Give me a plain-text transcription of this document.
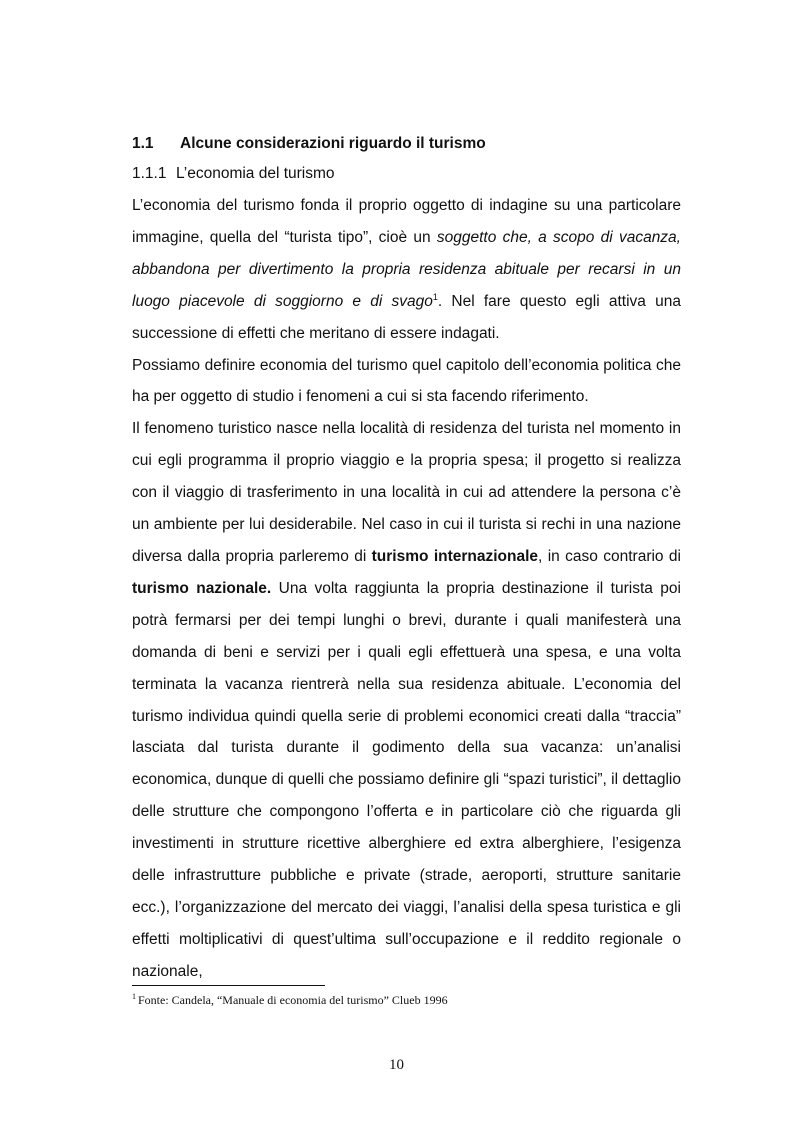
1.1 Alcune considerazioni riguardo il turismo
1.1.1 L’economia del turismo

L’economia del turismo fonda il proprio oggetto di indagine su una particolare immagine, quella del “turista tipo”, cioè un soggetto che, a scopo di vacanza, abbandona per divertimento la propria residenza abituale per recarsi in un luogo piacevole di soggiorno e di svago$^1$. Nel fare questo egli attiva una successione di effetti che meritano di essere indagati.

Possiamo definire economia del turismo quel capitolo dell’economia politica che ha per oggetto di studio i fenomeni a cui si sta facendo riferimento.

Il fenomeno turistico nasce nella località di residenza del turista nel momento in cui egli programma il proprio viaggio e la propria spesa; il progetto si realizza con il viaggio di trasferimento in una località in cui ad attendere la persona c’è un ambiente per lui desiderabile. Nel caso in cui il turista si rechi in una nazione diversa dalla propria parleremo di turismo internazionale, in caso contrario di turismo nazionale. Una volta raggiunta la propria destinazione il turista poi potrà fermarsi per dei tempi lunghi o brevi, durante i quali manifesterà una domanda di beni e servizi per i quali egli effettuerà una spesa, e una volta terminata la vacanza rientrerà nella sua residenza abituale. L’economia del turismo individua quindi quella serie di problemi economici creati dalla “traccia” lasciata dal turista durante il godimento della sua vacanza: un’analisi economica, dunque di quelli che possiamo definire gli “spazi turistici”, il dettaglio delle strutture che compongono l’offerta e in particolare ciò che riguarda gli investimenti in strutture ricettive alberghiere ed extra alberghiere, l’esigenza delle infrastrutture pubbliche e private (strade, aeroporti, strutture sanitarie ecc.), l’organizzazione del mercato dei viaggi, l’analisi della spesa turistica e gli effetti moltiplicativi di quest’ultima sull’occupazione e il reddito regionale o nazionale,

$^1$ Fonte: Candela, “Manuale di economia del turismo” Clueb 1996
10
